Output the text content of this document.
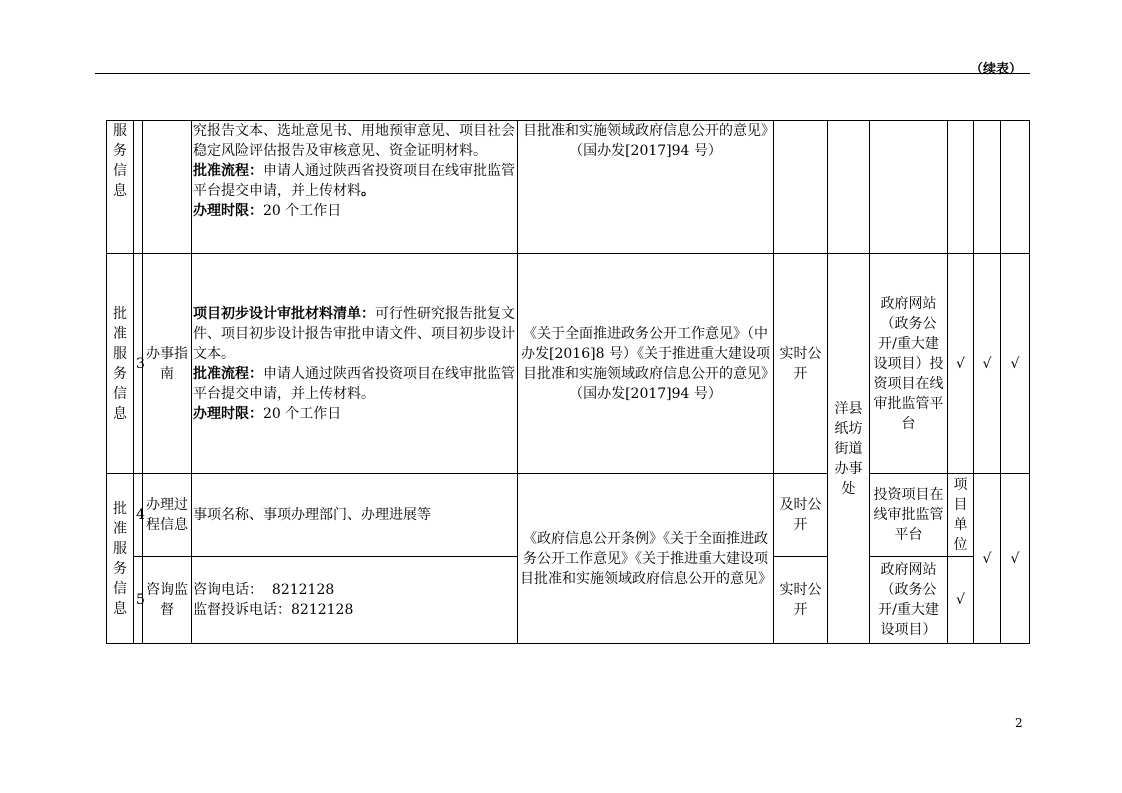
（续表）
服务信息			究报告文本、选址意见书、用地预审意见、项目社会稳定风险评估报告及审核意见、资金证明材料。
批准流程：申请人通过陕西省投资项目在线审批监管平台提交申请，并上传材料。
办理时限：20 个工作日	目批准和实施领域政府信息公开的意见》（国办发[2017]94 号）						
批准服务信息	3	办事指南	项目初步设计审批材料清单：可行性研究报告批复文件、项目初步设计报告审批申请文件、项目初步设计文本。
批准流程：申请人通过陕西省投资项目在线审批监管平台提交申请，并上传材料。
办理时限：20 个工作日	《关于全面推进政务公开工作意见》（中办发[2016]8 号）《关于推进重大建设项目批准和实施领域政府信息公开的意见》（国办发[2017]94 号）	实时公开	洋县纸坊街道办事处	政府网站（政务公开/重大建设项目）投资项目在线审批监管平台	√	√	√
批准服务信息	4	办理过程信息	事项名称、事项办理部门、办理进展等	《政府信息公开条例》《关于全面推进政务公开工作意见》《关于推进重大建设项目批准和实施领域政府信息公开的意见》	及时公开		投资项目在线审批监管平台	项目单位	√	√
	5	咨询监督	咨询电话： 8212128
监督投诉电话：8212128		实时公开		政府网站（政务公开/重大建设项目）	√		
2
